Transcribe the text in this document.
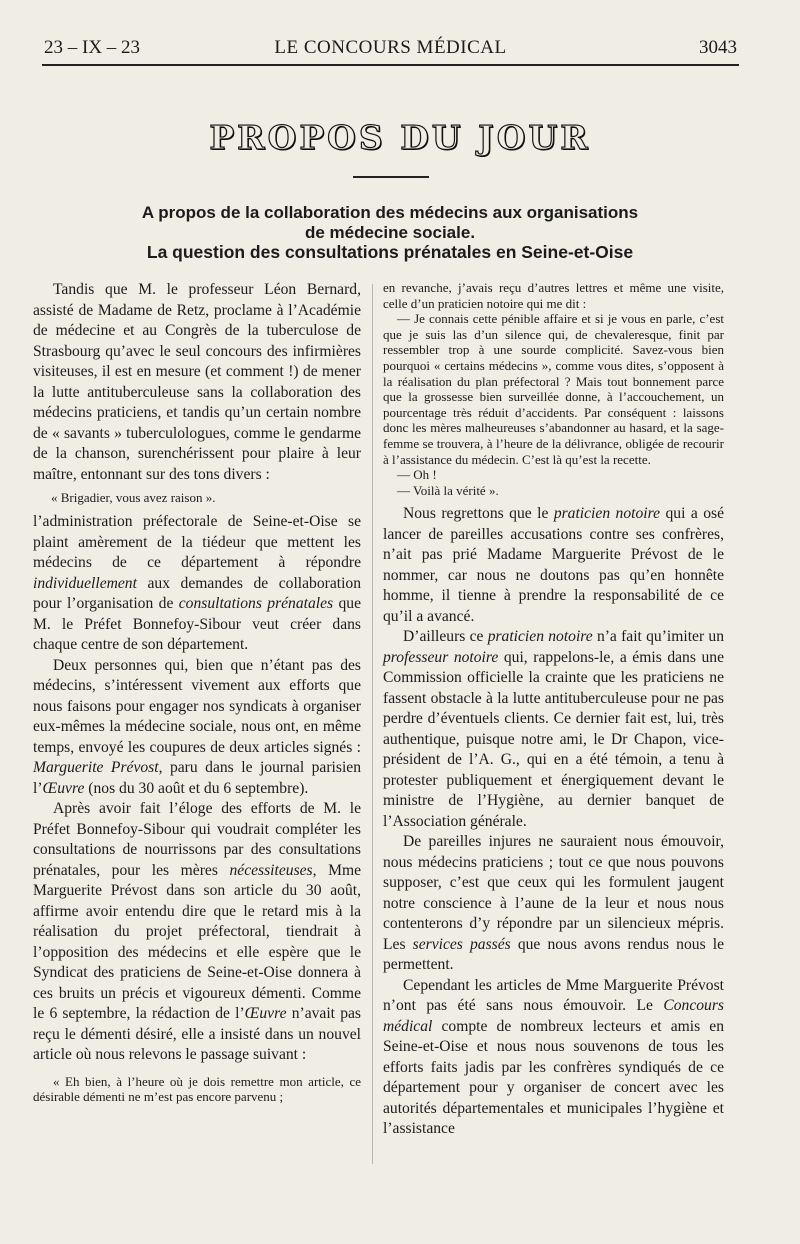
23 – IX – 23	LE CONCOURS MÉDICAL	3043
PROPOS DU JOUR
A propos de la collaboration des médecins aux organisations
de médecine sociale.
La question des consultations prénatales en Seine-et-Oise

Tandis que M. le professeur Léon Bernard, assisté de Madame de Retz, proclame à l’Académie de médecine et au Congrès de la tuberculose de Strasbourg qu’avec le seul concours des infirmières visiteuses, il est en mesure (et comment !) de mener la lutte antituberculeuse sans la collaboration des médecins praticiens, et tandis qu’un certain nombre de « savants » tuberculologues, comme le gendarme de la chanson, surenchérissent pour plaire à leur maître, entonnant sur des tons divers :

« Brigadier, vous avez raison ».

l’administration préfectorale de Seine-et-Oise se plaint amèrement de la tiédeur que mettent les médecins de ce département à répondre individuellement aux demandes de collaboration pour l’organisation de consultations prénatales que M. le Préfet Bonnefoy-Sibour veut créer dans chaque centre de son département.

Deux personnes qui, bien que n’étant pas des médecins, s’intéressent vivement aux efforts que nous faisons pour engager nos syndicats à organiser eux-mêmes la médecine sociale, nous ont, en même temps, envoyé les coupures de deux articles signés : Marguerite Prévost, paru dans le journal parisien l’Œuvre (nos du 30 août et du 6 septembre).

Après avoir fait l’éloge des efforts de M. le Préfet Bonnefoy-Sibour qui voudrait compléter les consultations de nourrissons par des consultations prénatales, pour les mères nécessiteuses, Mme Marguerite Prévost dans son article du 30 août, affirme avoir entendu dire que le retard mis à la réalisation du projet préfectoral, tiendrait à l’opposition des médecins et elle espère que le Syndicat des praticiens de Seine-et-Oise donnera à ces bruits un précis et vigoureux démenti. Comme le 6 septembre, la rédaction de l’Œuvre n’avait pas reçu le démenti désiré, elle a insisté dans un nouvel article où nous relevons le passage suivant :

« Eh bien, à l’heure où je dois remettre mon article, ce désirable démenti ne m’est pas encore parvenu ;

en revanche, j’avais reçu d’autres lettres et même une visite, celle d’un praticien notoire qui me dit :

— Je connais cette pénible affaire et si je vous en parle, c’est que je suis las d’un silence qui, de chevaleresque, finit par ressembler trop à une sourde complicité. Savez-vous bien pourquoi « certains médecins », comme vous dites, s’opposent à la réalisation du plan préfectoral ? Mais tout bonnement parce que la grossesse bien surveillée donne, à l’accouchement, un pourcentage très réduit d’accidents. Par conséquent : laissons donc les mères malheureuses s’abandonner au hasard, et la sage-femme se trouvera, à l’heure de la délivrance, obligée de recourir à l’assistance du médecin. C’est là qu’est la recette.

— Oh !

— Voilà la vérité ».

Nous regrettons que le praticien notoire qui a osé lancer de pareilles accusations contre ses confrères, n’ait pas prié Madame Marguerite Prévost de le nommer, car nous ne doutons pas qu’en honnête homme, il tienne à prendre la responsabilité de ce qu’il a avancé.

D’ailleurs ce praticien notoire n’a fait qu’imiter un professeur notoire qui, rappelons-le, a émis dans une Commission officielle la crainte que les praticiens ne fassent obstacle à la lutte antituberculeuse pour ne pas perdre d’éventuels clients. Ce dernier fait est, lui, très authentique, puisque notre ami, le Dr Chapon, vice-président de l’A. G., qui en a été témoin, a tenu à protester publiquement et énergiquement devant le ministre de l’Hygiène, au dernier banquet de l’Association générale.

De pareilles injures ne sauraient nous émouvoir, nous médecins praticiens ; tout ce que nous pouvons supposer, c’est que ceux qui les formulent jaugent notre conscience à l’aune de la leur et nous nous contenterons d’y répondre par un silencieux mépris. Les services passés que nous avons rendus nous le permettent.

Cependant les articles de Mme Marguerite Prévost n’ont pas été sans nous émouvoir. Le Concours médical compte de nombreux lecteurs et amis en Seine-et-Oise et nous nous souvenons de tous les efforts faits jadis par les confrères syndiqués de ce département pour y organiser de concert avec les autorités départementales et municipales l’hygiène et l’assistance
